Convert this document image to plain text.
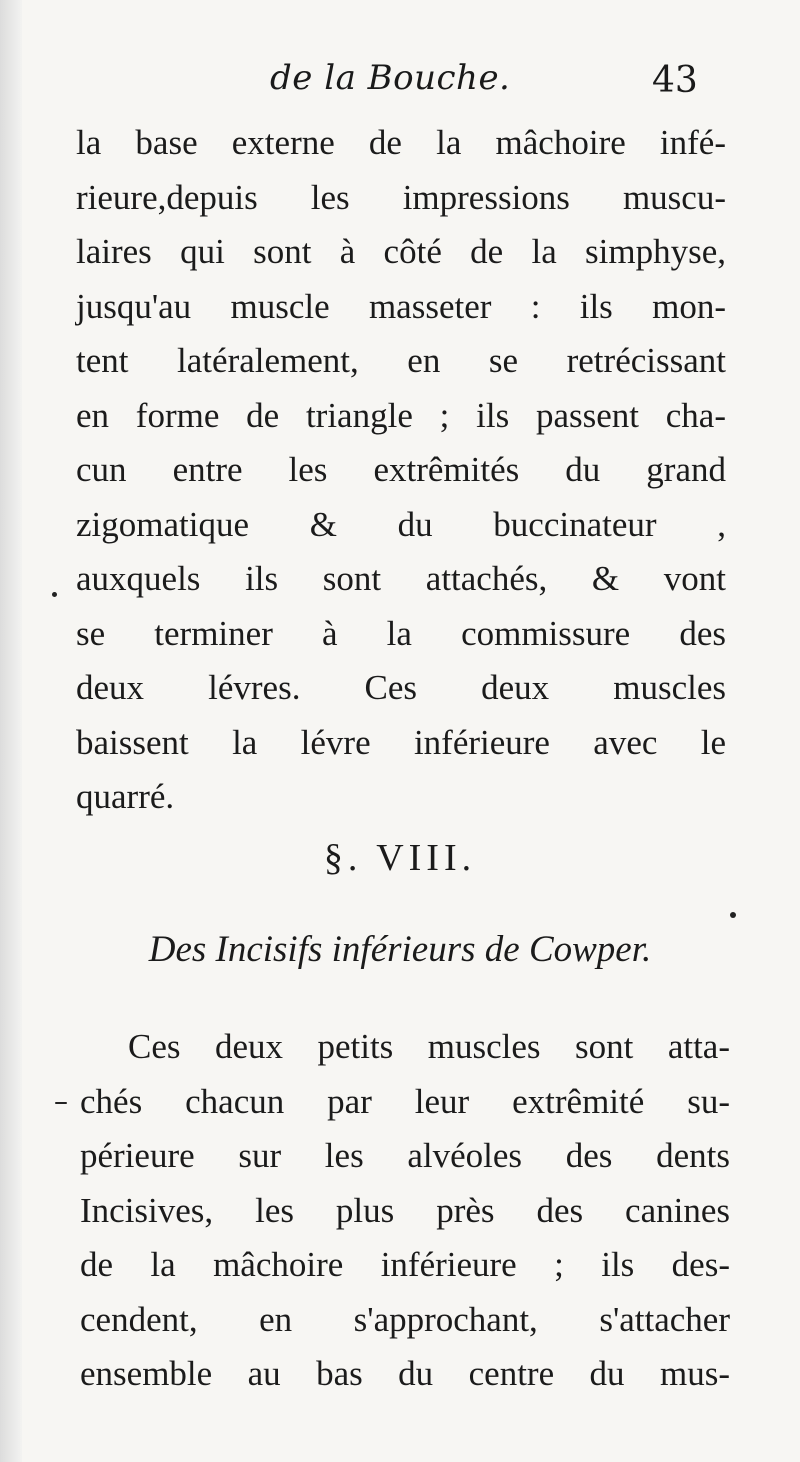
de la Bouche.	43
la base externe de la mâchoire infé-
rieure,depuis les impressions muscu-
laires qui sont à côté de la simphyse,
jusqu'au muscle masseter : ils mon-
tent latéralement, en se retrécissant
en forme de triangle ; ils passent cha-
cun entre les extrêmités du grand
zigomatique & du buccinateur ,
auxquels ils sont attachés, & vont
se terminer à la commissure des
deux lévres. Ces deux muscles
baissent la lévre inférieure avec le
quarré.
§. VIII.
Des Incisifs inférieurs de Cowper.
Ces deux petits muscles sont atta-
chés chacun par leur extrêmité su-
périeure sur les alvéoles des dents
Incisives, les plus près des canines
de la mâchoire inférieure ; ils des-
cendent, en s'approchant, s'attacher
ensemble au bas du centre du mus-
